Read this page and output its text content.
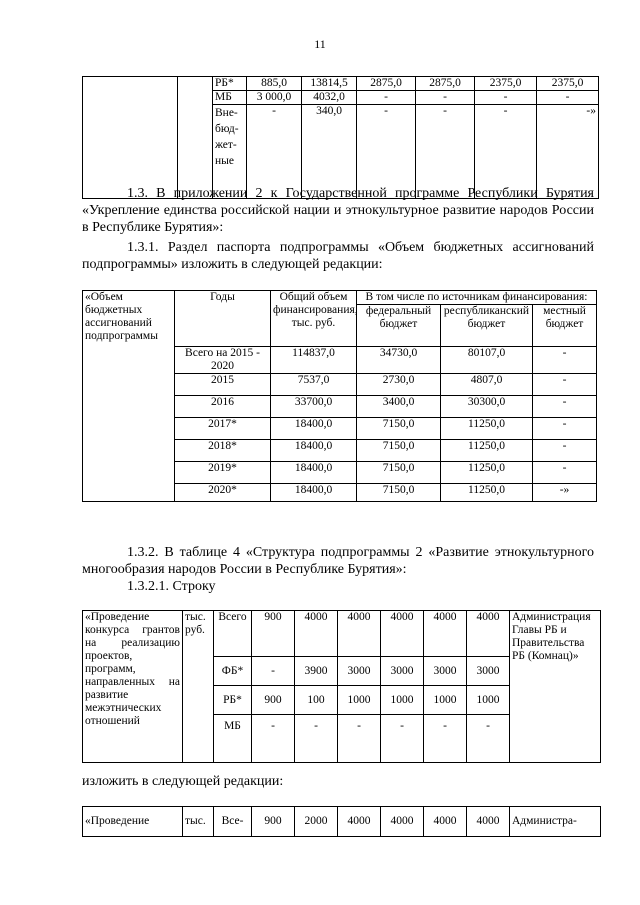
11
		РБ*	885,0	13814,5	2875,0	2875,0	2375,0	2375,0
		МБ	3 000,0	4032,0	-	-	-	-
		Вне-
бюд-
жет-
ные	-	340,0	-	-	-	-»
1.3. В приложении 2 к Государственной программе Республики Бурятия «Укрепление единства российской нации и этнокультурное развитие народов России в Республике Бурятия»:
1.3.1. Раздел паспорта подпрограммы «Объем бюджетных ассигнований подпрограммы» изложить в следующей редакции:
«Объем бюджетных ассигнований подпрограммы	Годы	Общий объем финансирования, тыс. руб.	В том числе по источникам финансирования:		
			федеральный бюджет	республиканский бюджет	местный бюджет
	Всего на 2015 - 2020	114837,0	34730,0	80107,0	-
	2015	7537,0	2730,0	4807,0	-
	2016	33700,0	3400,0	30300,0	-
	2017*	18400,0	7150,0	11250,0	-
	2018*	18400,0	7150,0	11250,0	-
	2019*	18400,0	7150,0	11250,0	-
	2020*	18400,0	7150,0	11250,0	-»
1.3.2. В таблице 4 «Структура подпрограммы 2 «Развитие этнокультурного многообразия народов России в Республике Бурятия»:
1.3.2.1. Строку
«Проведение конкурса грантов на реализацию проектов, программ, направленных на развитие межэтнических отношений	тыс. руб.	Всего	900	4000	4000	4000	4000	4000	Администрация Главы РБ и Правительства РБ (Комнац)»
		ФБ*	-	3900	3000	3000	3000	3000	
		РБ*	900	100	1000	1000	1000	1000	
		МБ	-	-	-	-	-	-	
изложить в следующей редакции:
«Проведение	тыс.	Все-	900	2000	4000	4000	4000	4000	Администра-
